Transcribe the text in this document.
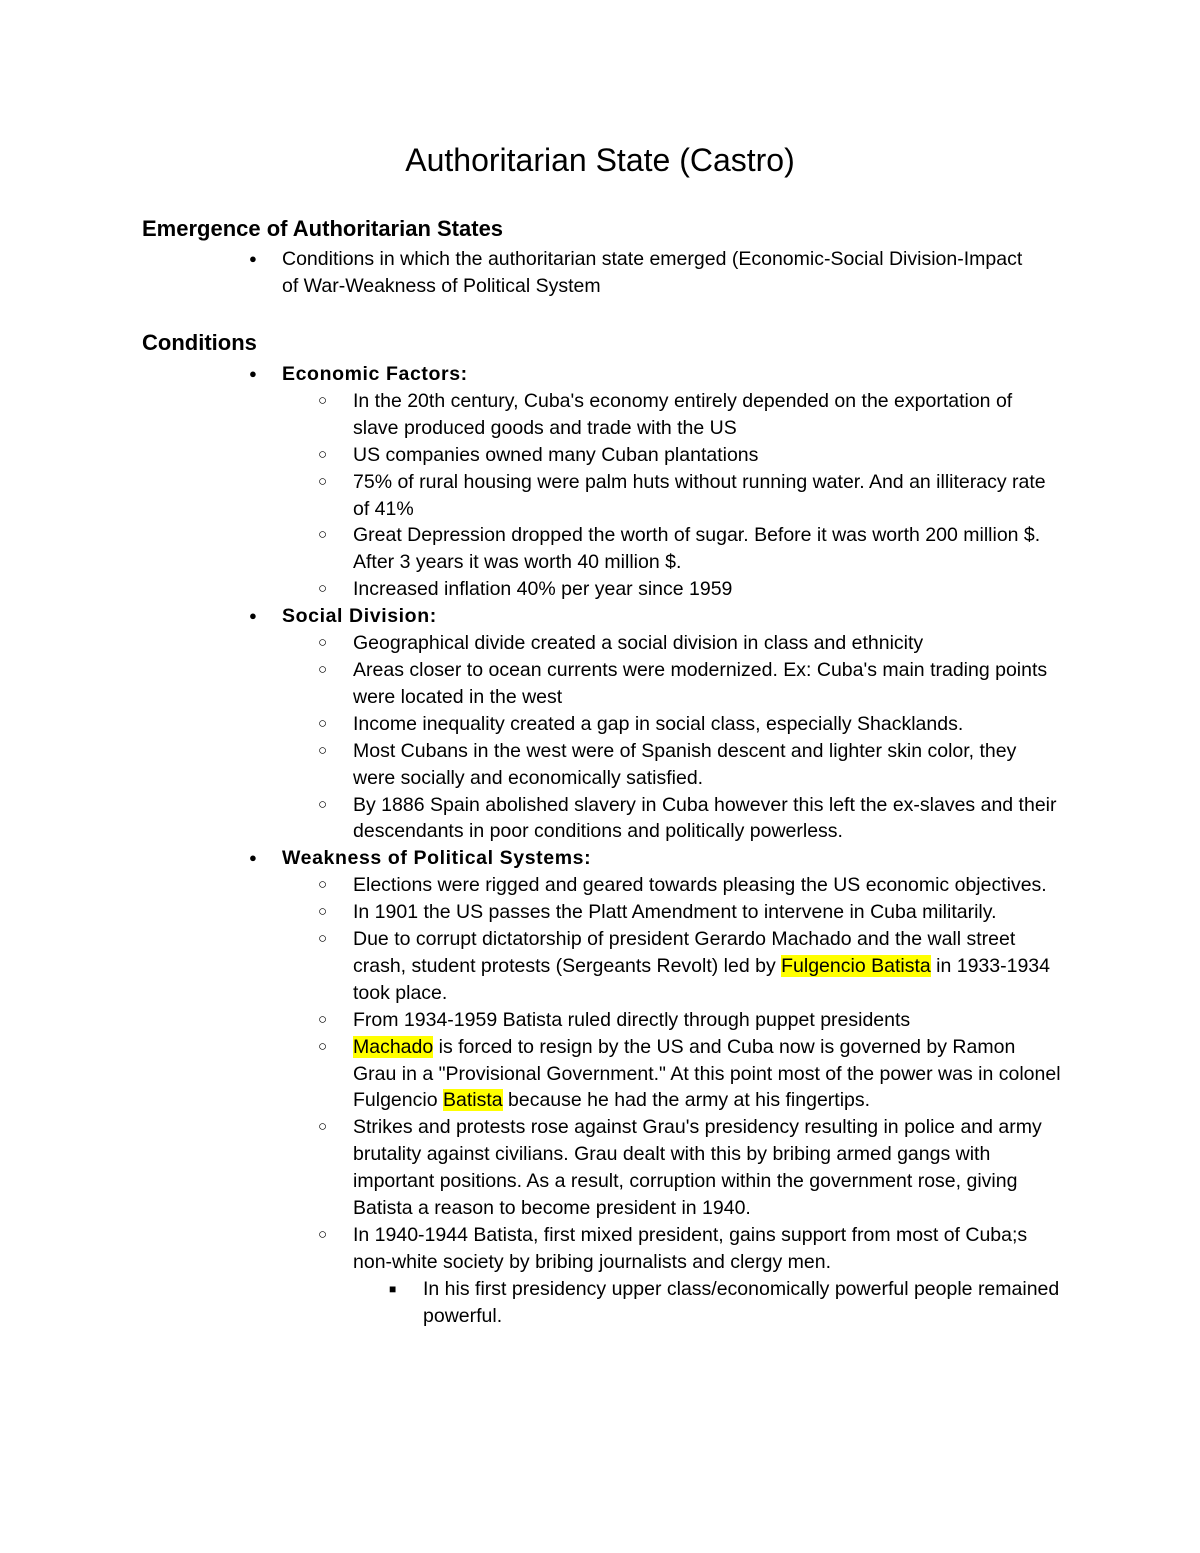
Authoritarian State (Castro)
Emergence of Authoritarian States
● Conditions in which the authoritarian state emerged (Economic-Social Division-Impact of War-Weakness of Political System
Conditions
● Economic Factors:
○ In the 20th century, Cuba's economy entirely depended on the exportation of slave produced goods and trade with the US
○ US companies owned many Cuban plantations
○ 75% of rural housing were palm huts without running water. And an illiteracy rate of 41%
○ Great Depression dropped the worth of sugar. Before it was worth 200 million $. After 3 years it was worth 40 million $.
○ Increased inflation 40% per year since 1959
● Social Division:
○ Geographical divide created a social division in class and ethnicity
○ Areas closer to ocean currents were modernized. Ex: Cuba's main trading points were located in the west
○ Income inequality created a gap in social class, especially Shacklands.
○ Most Cubans in the west were of Spanish descent and lighter skin color, they were socially and economically satisfied.
○ By 1886 Spain abolished slavery in Cuba however this left the ex-slaves and their descendants in poor conditions and politically powerless.
● Weakness of Political Systems:
○ Elections were rigged and geared towards pleasing the US economic objectives.
○ In 1901 the US passes the Platt Amendment to intervene in Cuba militarily.
○ Due to corrupt dictatorship of president Gerardo Machado and the wall street crash, student protests (Sergeants Revolt) led by Fulgencio Batista in 1933-1934 took place.
○ From 1934-1959 Batista ruled directly through puppet presidents
○ Machado is forced to resign by the US and Cuba now is governed by Ramon Grau in a "Provisional Government." At this point most of the power was in colonel Fulgencio Batista because he had the army at his fingertips.
○ Strikes and protests rose against Grau's presidency resulting in police and army brutality against civilians. Grau dealt with this by bribing armed gangs with important positions. As a result, corruption within the government rose, giving Batista a reason to become president in 1940.
○ In 1940-1944 Batista, first mixed president, gains support from most of Cuba;s non-white society by bribing journalists and clergy men.
■ In his first presidency upper class/economically powerful people remained powerful.
